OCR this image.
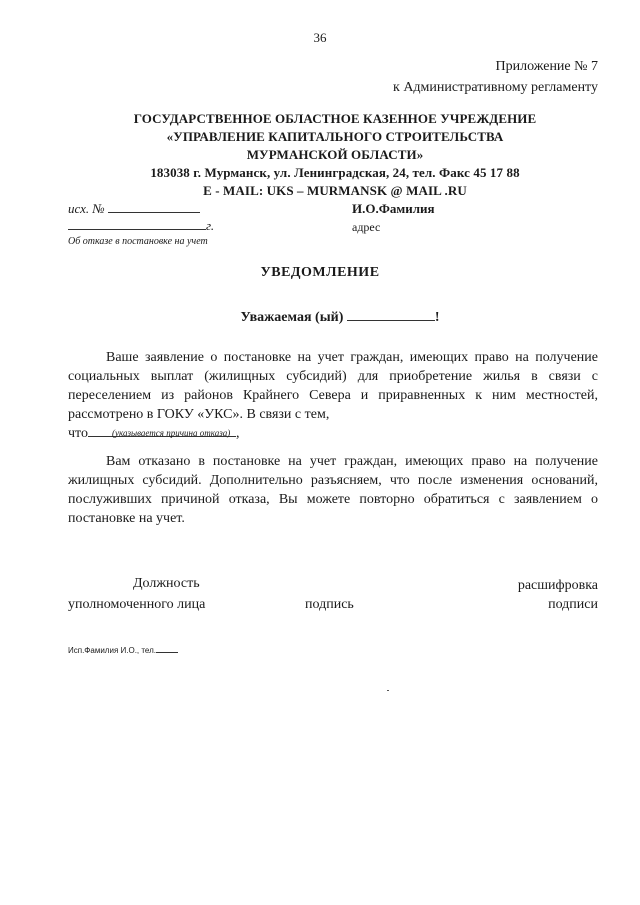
36
Приложение № 7
к Административному регламенту
ГОСУДАРСТВЕННОЕ ОБЛАСТНОЕ КАЗЕННОЕ УЧРЕЖДЕНИЕ
«УПРАВЛЕНИЕ КАПИТАЛЬНОГО СТРОИТЕЛЬСТВА
МУРМАНСКОЙ ОБЛАСТИ»
183038 г. Мурманск, ул. Ленинградская, 24, тел. Факс 45 17 88
E - MAIL: UKS – MURMANSK @ MAIL .RU
исх. №
г.
Об отказе в постановке на учет
И.О.Фамилия
адрес
УВЕДОМЛЕНИЕ
Уважаемая (ый)	!
Ваше заявление о постановке на учет граждан, имеющих право на получение социальных выплат (жилищных субсидий) для приобретение жилья в связи с переселением из районов Крайнего Севера и приравненных к ним местностей, рассмотрено в ГОКУ «УКС». В связи с тем,
что	,
(указывается причина отказа)
Вам отказано в постановке на учет граждан, имеющих право на получение жилищных субсидий. Дополнительно разъясняем, что после изменения оснований, послуживших причиной отказа, Вы можете повторно обратиться с заявлением о постановке на учет.
Должность
уполномоченного лица	подпись
расшифровка
подписи
Исп.Фамилия И.О., тел.
